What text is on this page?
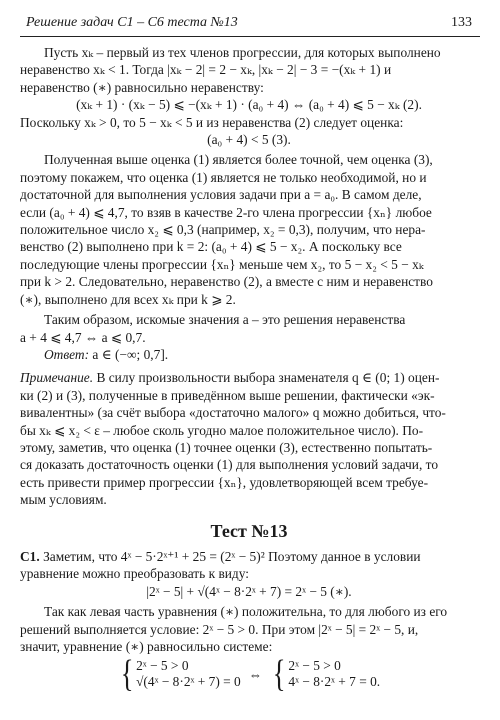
Решение задач С1 – С6 теста №13	133

Пусть xₖ – первый из тех членов прогрессии, для которых выполнено

неравенство xₖ < 1. Тогда |xₖ − 2| = 2 − xₖ, |xₖ − 2| − 3 = −(xₖ + 1) и

неравенство (∗) равносильно неравенству:

(xₖ + 1) · (xₖ − 5) ⩽ −(xₖ + 1) · (a₀ + 4) ⇔ (a₀ + 4) ⩽ 5 − xₖ (2).

Поскольку xₖ > 0, то 5 − xₖ < 5 и из неравенства (2) следует оценка:

(a₀ + 4) < 5 (3).

Полученная выше оценка (1) является более точной, чем оценка (3),

поэтому покажем, что оценка (1) является не только необходимой, но и

достаточной для выполнения условия задачи при a = a₀. В самом деле,

если (a₀ + 4) ⩽ 4,7, то взяв в качестве 2-го члена прогрессии {xₙ} любое

положительное число x₂ ⩽ 0,3 (например, x₂ = 0,3), получим, что нера-

венство (2) выполнено при k = 2: (a₀ + 4) ⩽ 5 − x₂. А поскольку все

последующие члены прогрессии {xₙ} меньше чем x₂, то 5 − x₂ < 5 − xₖ

при k > 2. Следовательно, неравенство (2), а вместе с ним и неравенство

(∗), выполнено для всех xₖ при k ⩾ 2.

Таким образом, искомые значения a – это решения неравенства

a + 4 ⩽ 4,7 ⇔ a ⩽ 0,7.

Ответ: a ∈ (−∞; 0,7].

Примечание. В силу произвольности выбора знаменателя q ∈ (0; 1) оцен-

ки (2) и (3), полученные в приведённом выше решении, фактически «эк-

вивалентны» (за счёт выбора «достаточно малого» q можно добиться, что-

бы xₖ ⩽ x₂ < ε – любое сколь угодно малое положительное число). По-

этому, заметив, что оценка (1) точнее оценки (3), естественно попытать-

ся доказать достаточность оценки (1) для выполнения условий задачи, то

есть привести пример прогрессии {xₙ}, удовлетворяющей всем требуе-

мым условиям.

Тест №13

С1. Заметим, что 4ˣ − 5·2ˣ⁺¹ + 25 = (2ˣ − 5)² Поэтому данное в условии

уравнение можно преобразовать к виду:

|2ˣ − 5| + √(4ˣ − 8·2ˣ + 7) = 2ˣ − 5 (∗).

Так как левая часть уравнения (∗) положительна, то для любого из его

решений выполняется условие: 2ˣ − 5 > 0. При этом |2ˣ − 5| = 2ˣ − 5, и,

значит, уравнение (∗) равносильно системе:

{ 2ˣ − 5 > 0
√(4ˣ − 8·2ˣ + 7) = 0
⇔ { 2ˣ − 5 > 0
4ˣ − 8·2ˣ + 7 = 0.
